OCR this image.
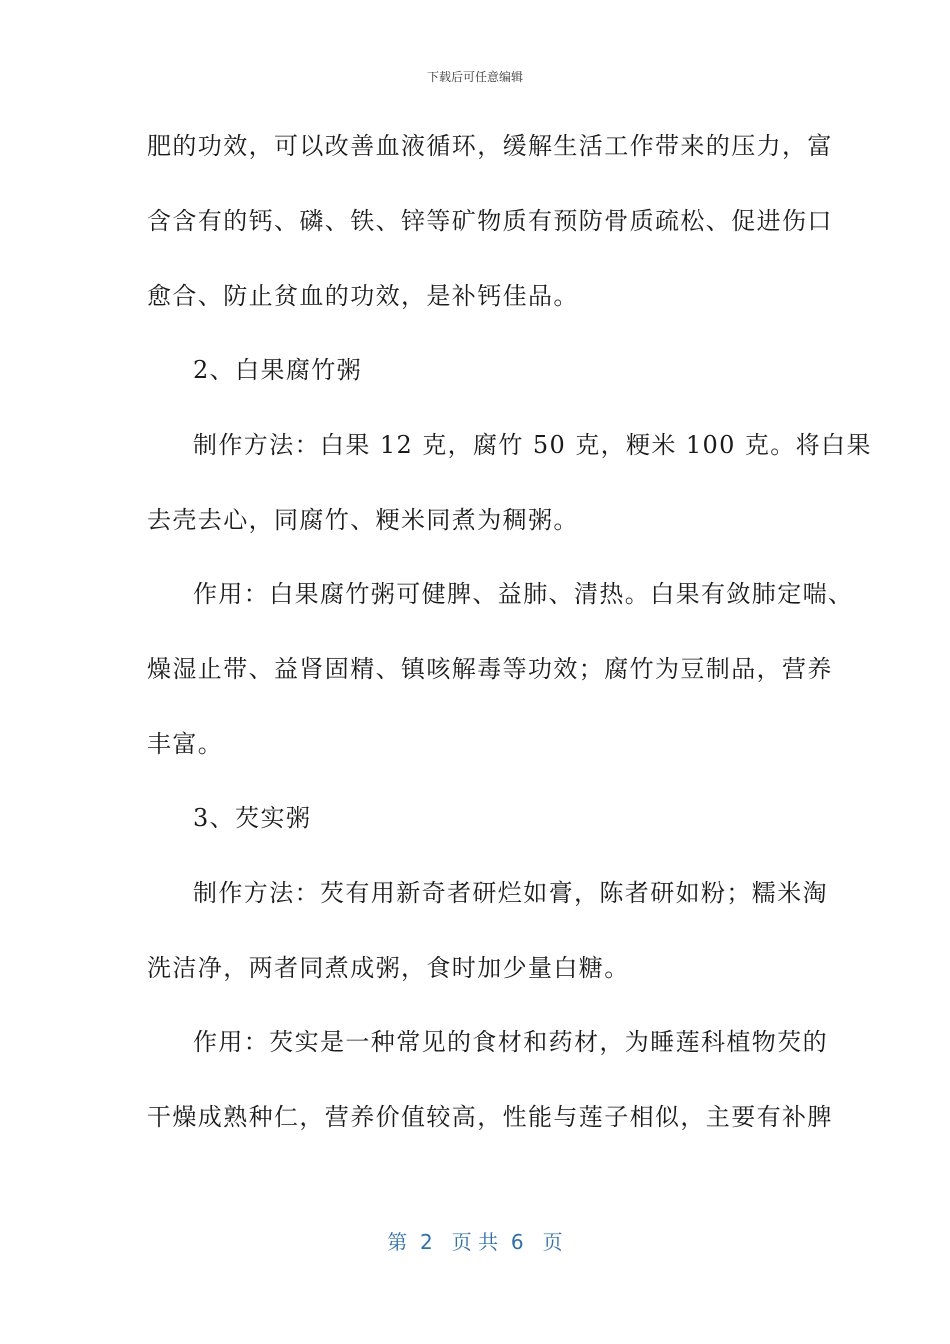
下载后可任意编辑
肥的功效，可以改善血液循环，缓解生活工作带来的压力，富
含含有的钙、磷、铁、锌等矿物质有预防骨质疏松、促进伤口
愈合、防止贫血的功效，是补钙佳品。
2、白果腐竹粥
制作方法：白果 12 克，腐竹 50 克，粳米 100 克。将白果
去壳去心，同腐竹、粳米同煮为稠粥。
作用：白果腐竹粥可健脾、益肺、清热。白果有敛肺定喘、
燥湿止带、益肾固精、镇咳解毒等功效；腐竹为豆制品，营养
丰富。
3、芡实粥
制作方法：芡有用新奇者研烂如膏，陈者研如粉；糯米淘
洗洁净，两者同煮成粥，食时加少量白糖。
作用：芡实是一种常见的食材和药材，为睡莲科植物芡的
干燥成熟种仁，营养价值较高，性能与莲子相似，主要有补脾
第  2   页 共  6   页
